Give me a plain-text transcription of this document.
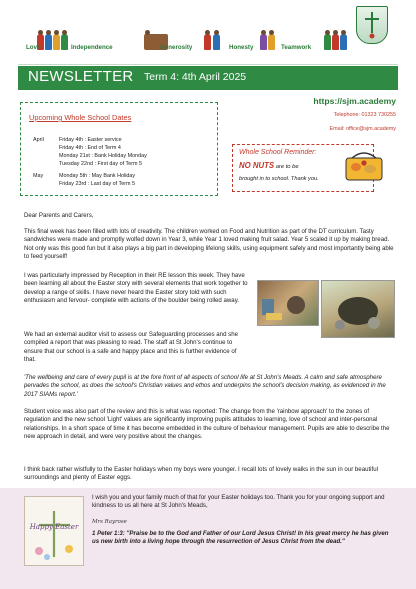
Love	Independence	Generosity	Honesty	Teamwork
NEWSLETTER Term 4: 4th April 2025
Upcoming Whole School Dates
April	Friday 4th : Easter service
Friday 4th : End of Term 4
Monday 21st : Bank Holiday Monday
Tuesday 22nd : First day of Term 5
May	Monday 5th : May Bank Holiday
Friday 23rd : Last day of Term 5
https://sjm.academy
Telephone: 01323 730255
Email: office@sjm.academy
Whole School Reminder:
NO NUTS are to be
brought in to school. Thank you.

Dear Parents and Carers,

This final week has been filled with lots of creativity. The children worked on Food and Nutrition as part of the DT curriculum. Tasty sandwiches were made and promptly wolfed down in Year 3, while Year 1 loved making fruit salad. Year 5 scaled it up by making bread. Not only was this good fun but it also plays a big part in developing lifelong skills, using equipment safely and most importantly being able to feed yourself!

I was particularly impressed by Reception in their RE lesson this week. They have been learning all about the Easter story with several elements that work together to develop a range of skills. I have never heard the Easter story told with such enthusiasm and fervour- complete with actions of the boulder being rolled away.

We had an external auditor visit to assess our Safeguarding processes and she compiled a report that was pleasing to read. The staff at St John's continue to ensure that our school is a safe and happy place and this is further evidence of that.

'The wellbeing and care of every pupil is at the fore front of all aspects of school life at St John's Meads. A calm and safe atmosphere pervades the school, as does the school's Christian values and ethos and underpins the school's decision making, as evidenced in the 2017 SIAMs report.'

Student voice was also part of the review and this is what was reported: The change from the 'rainbow approach' to the zones of regulation and the new school 'Light' values are significantly improving pupils attitudes to learning, love of school and inter-personal relationships. In a short space of time it has become embedded in the culture of behaviour management. Pupils are able to describe the new approach in detail, and were very positive about the changes.

I think back rather wistfully to the Easter holidays when my boys were younger. I recall lots of lovely walks in the sun in our beautiful surroundings and plenty of Easter eggs.

Happy Easter

I wish you and your family much of that for your Easter holidays too. Thank you for your ongoing support and kindness to us all here at St John's Meads,

Mrs Rayrose

1 Peter 1:3: "Praise be to the God and Father of our Lord Jesus Christ! In his great mercy he has given us new birth into a living hope through the resurrection of Jesus Christ from the dead."
